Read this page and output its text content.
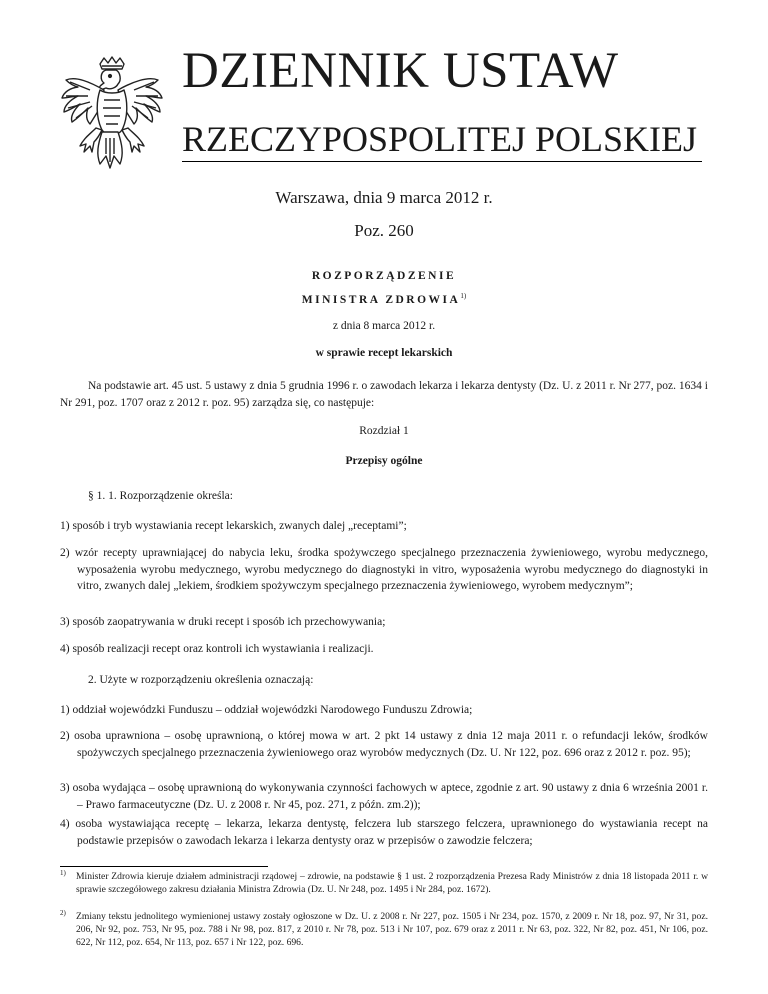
DZIENNIK USTAW
RZECZYPOSPOLITEJ POLSKIEJ
Warszawa, dnia 9 marca 2012 r.
Poz. 260
ROZPORZĄDZENIE
MINISTRA ZDROWIA$^{1)}$
z dnia 8 marca 2012 r.
w sprawie recept lekarskich
Na podstawie art. 45 ust. 5 ustawy z dnia 5 grudnia 1996 r. o zawodach lekarza i lekarza dentysty (Dz. U. z 2011 r. Nr 277, poz. 1634 i Nr 291, poz. 1707 oraz z 2012 r. poz. 95) zarządza się, co następuje:
Rozdział 1
Przepisy ogólne
§ 1. 1. Rozporządzenie określa:
1) sposób i tryb wystawiania recept lekarskich, zwanych dalej „receptami”;
2) wzór recepty uprawniającej do nabycia leku, środka spożywczego specjalnego przeznaczenia żywieniowego, wyrobu medycznego, wyposażenia wyrobu medycznego, wyrobu medycznego do diagnostyki in vitro, wyposażenia wyrobu medycznego do diagnostyki in vitro, zwanych dalej „lekiem, środkiem spożywczym specjalnego przeznaczenia żywieniowego, wyrobem medycznym”;
3) sposób zaopatrywania w druki recept i sposób ich przechowywania;
4) sposób realizacji recept oraz kontroli ich wystawiania i realizacji.
2. Użyte w rozporządzeniu określenia oznaczają:
1) oddział wojewódzki Funduszu – oddział wojewódzki Narodowego Funduszu Zdrowia;
2) osoba uprawniona – osobę uprawnioną, o której mowa w art. 2 pkt 14 ustawy z dnia 12 maja 2011 r. o refundacji leków, środków spożywczych specjalnego przeznaczenia żywieniowego oraz wyrobów medycznych (Dz. U. Nr 122, poz. 696 oraz z 2012 r. poz. 95);
3) osoba wydająca – osobę uprawnioną do wykonywania czynności fachowych w aptece, zgodnie z art. 90 ustawy z dnia 6 września 2001 r. – Prawo farmaceutyczne (Dz. U. z 2008 r. Nr 45, poz. 271, z późn. zm.2));
4) osoba wystawiająca receptę – lekarza, lekarza dentystę, felczera lub starszego felczera, uprawnionego do wystawiania recept na podstawie przepisów o zawodach lekarza i lekarza dentysty oraz w przepisów o zawodzie felczera;
1) Minister Zdrowia kieruje działem administracji rządowej – zdrowie, na podstawie § 1 ust. 2 rozporządzenia Prezesa Rady Ministrów z dnia 18 listopada 2011 r. w sprawie szczegółowego zakresu działania Ministra Zdrowia (Dz. U. Nr 248, poz. 1495 i Nr 284, poz. 1672).
2) Zmiany tekstu jednolitego wymienionej ustawy zostały ogłoszone w Dz. U. z 2008 r. Nr 227, poz. 1505 i Nr 234, poz. 1570, z 2009 r. Nr 18, poz. 97, Nr 31, poz. 206, Nr 92, poz. 753, Nr 95, poz. 788 i Nr 98, poz. 817, z 2010 r. Nr 78, poz. 513 i Nr 107, poz. 679 oraz z 2011 r. Nr 63, poz. 322, Nr 82, poz. 451, Nr 106, poz. 622, Nr 112, poz. 654, Nr 113, poz. 657 i Nr 122, poz. 696.
